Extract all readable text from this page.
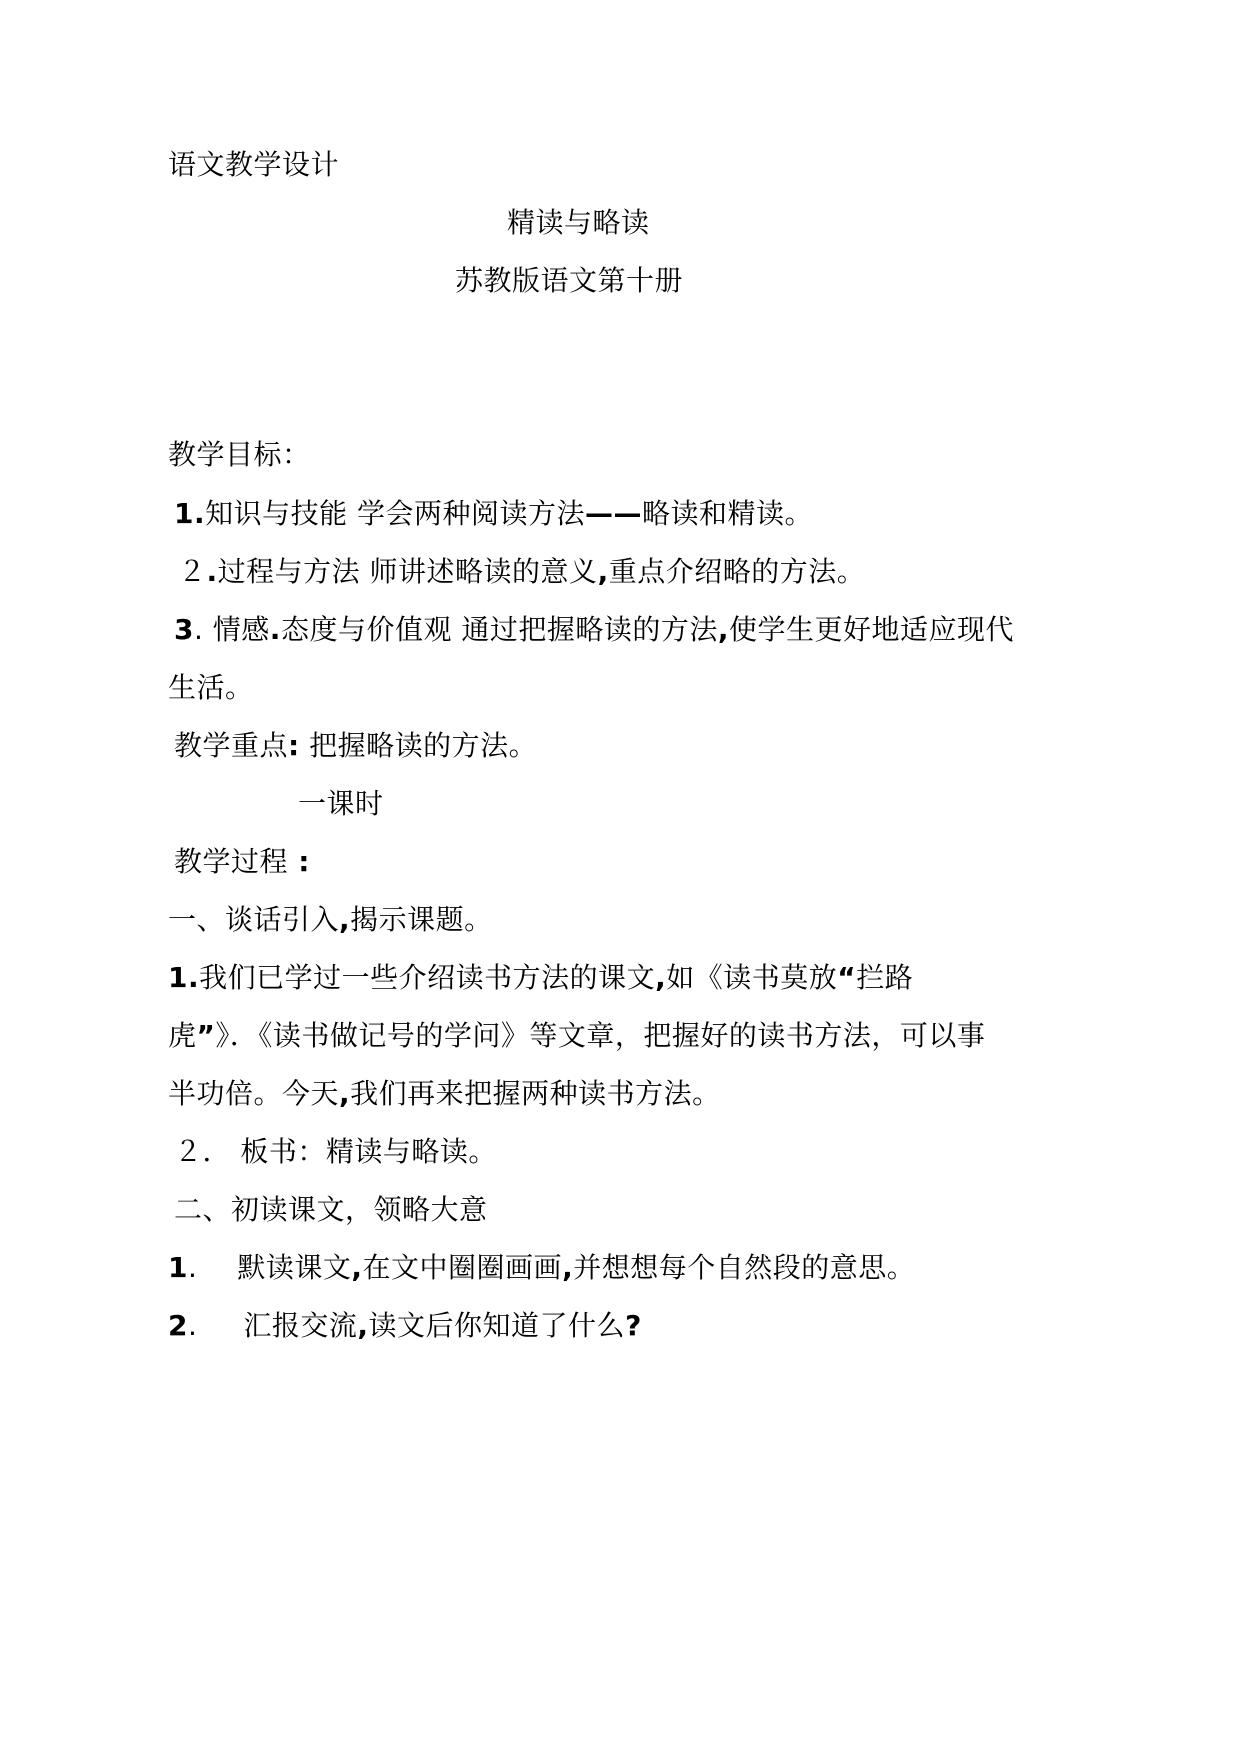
语文教学设计
精读与略读
苏教版语文第十册
教学目标：
1.知识与技能 学会两种阅读方法——略读和精读。
２.过程与方法 师讲述略读的意义,重点介绍略的方法。
3. 情感.态度与价值观 通过把握略读的方法,使学生更好地适应现代
生活。
教学重点: 把握略读的方法。
一课时
教学过程 :
一、谈话引入,揭示课题。
1.我们已学过一些介绍读书方法的课文,如《读书莫放“拦路
虎”》．《读书做记号的学问》等文章，把握好的读书方法，可以事
半功倍。今天,我们再来把握两种读书方法。
２． 板书：精读与略读。
二、初读课文，领略大意
1. 默读课文,在文中圈圈画画,并想想每个自然段的意思。
2. 汇报交流,读文后你知道了什么?
